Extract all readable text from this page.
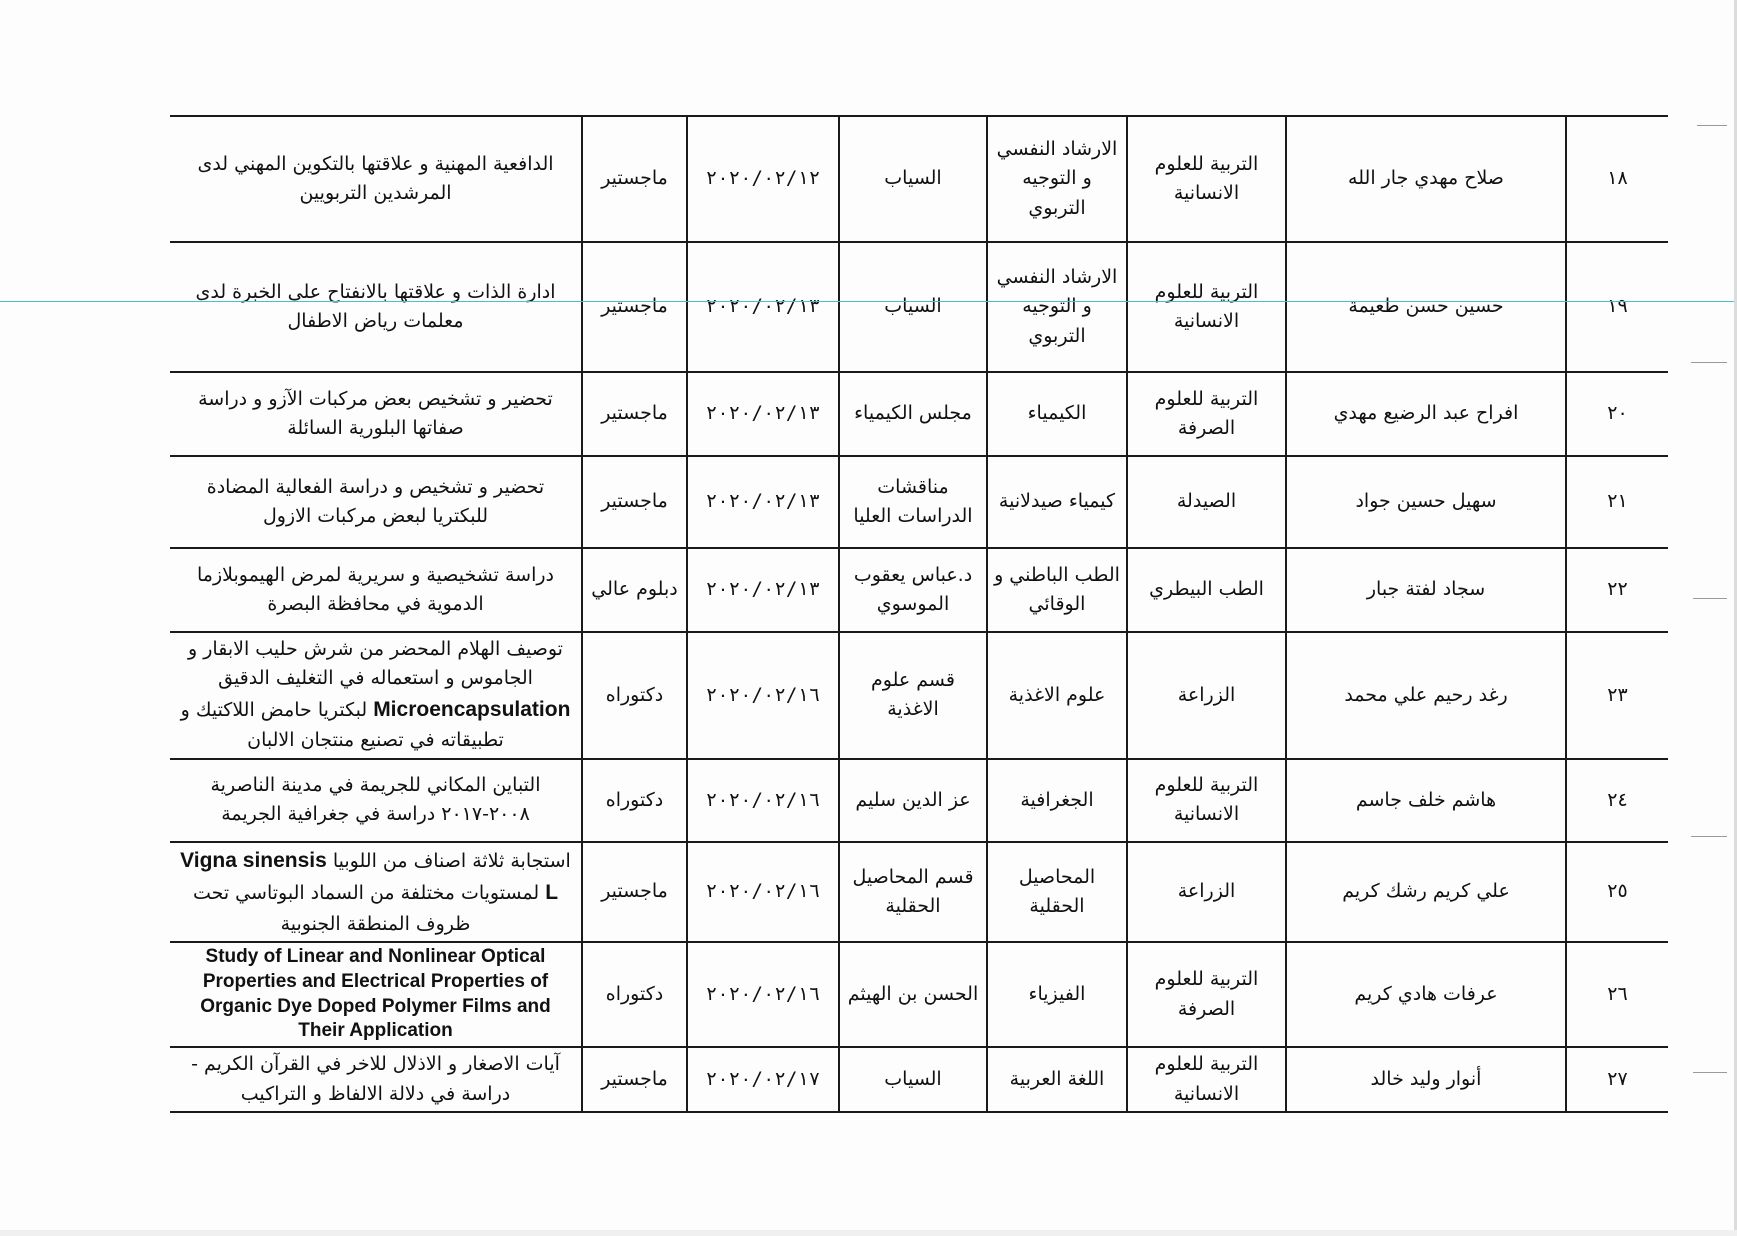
١٨	صلاح مهدي جار الله	التربية للعلوم الانسانية	الارشاد النفسي و التوجيه التربوي	السياب	٢٠٢٠/٠٢/١٢	ماجستير	الدافعية المهنية و علاقتها بالتكوين المهني لدى المرشدين التربويين
١٩	حسين حسن طعيمة	التربية للعلوم الانسانية	الارشاد النفسي و التوجيه التربوي	السياب	٢٠٢٠/٠٢/١٣	ماجستير	ادارة الذات و علاقتها بالانفتاح على الخبرة لدى معلمات رياض الاطفال
٢٠	افراح عبد الرضيع مهدي	التربية للعلوم الصرفة	الكيمياء	مجلس الكيمياء	٢٠٢٠/٠٢/١٣	ماجستير	تحضير و تشخيص بعض مركبات الآزو و دراسة صفاتها البلورية السائلة
٢١	سهيل حسين جواد	الصيدلة	كيمياء صيدلانية	مناقشات الدراسات العليا	٢٠٢٠/٠٢/١٣	ماجستير	تحضير و تشخيص و دراسة الفعالية المضادة للبكتريا لبعض مركبات الازول
٢٢	سجاد لفتة جبار	الطب البيطري	الطب الباطني و الوقائي	د.عباس يعقوب الموسوي	٢٠٢٠/٠٢/١٣	دبلوم عالي	دراسة تشخيصية و سريرية لمرض الهيموبلازما الدموية في محافظة البصرة
٢٣	رغد رحيم علي محمد	الزراعة	علوم الاغذية	قسم علوم الاغذية	٢٠٢٠/٠٢/١٦	دكتوراه	توصيف الهلام المحضر من شرش حليب الابقار و الجاموس و استعماله في التغليف الدقيق Microencapsulation لبكتريا حامض اللاكتيك و تطبيقاته في تصنيع منتجان الالبان
٢٤	هاشم خلف جاسم	التربية للعلوم الانسانية	الجغرافية	عز الدين سليم	٢٠٢٠/٠٢/١٦	دكتوراه	التباين المكاني للجريمة في مدينة الناصرية ٢٠٠٨-٢٠١٧ دراسة في جغرافية الجريمة
٢٥	علي كريم رشك كريم	الزراعة	المحاصيل الحقلية	قسم المحاصيل الحقلية	٢٠٢٠/٠٢/١٦	ماجستير	استجابة ثلاثة اصناف من اللوبيا Vigna sinensis L لمستويات مختلفة من السماد البوتاسي تحت ظروف المنطقة الجنوبية
٢٦	عرفات هادي كريم	التربية للعلوم الصرفة	الفيزياء	الحسن بن الهيثم	٢٠٢٠/٠٢/١٦	دكتوراه	Study of Linear and Nonlinear Optical Properties and Electrical Properties of Organic Dye Doped Polymer Films and Their Application
٢٧	أنوار وليد خالد	التربية للعلوم الانسانية	اللغة العربية	السياب	٢٠٢٠/٠٢/١٧	ماجستير	آيات الاصغار و الاذلال للاخر في القرآن الكريم - دراسة في دلالة الالفاظ و التراكيب
